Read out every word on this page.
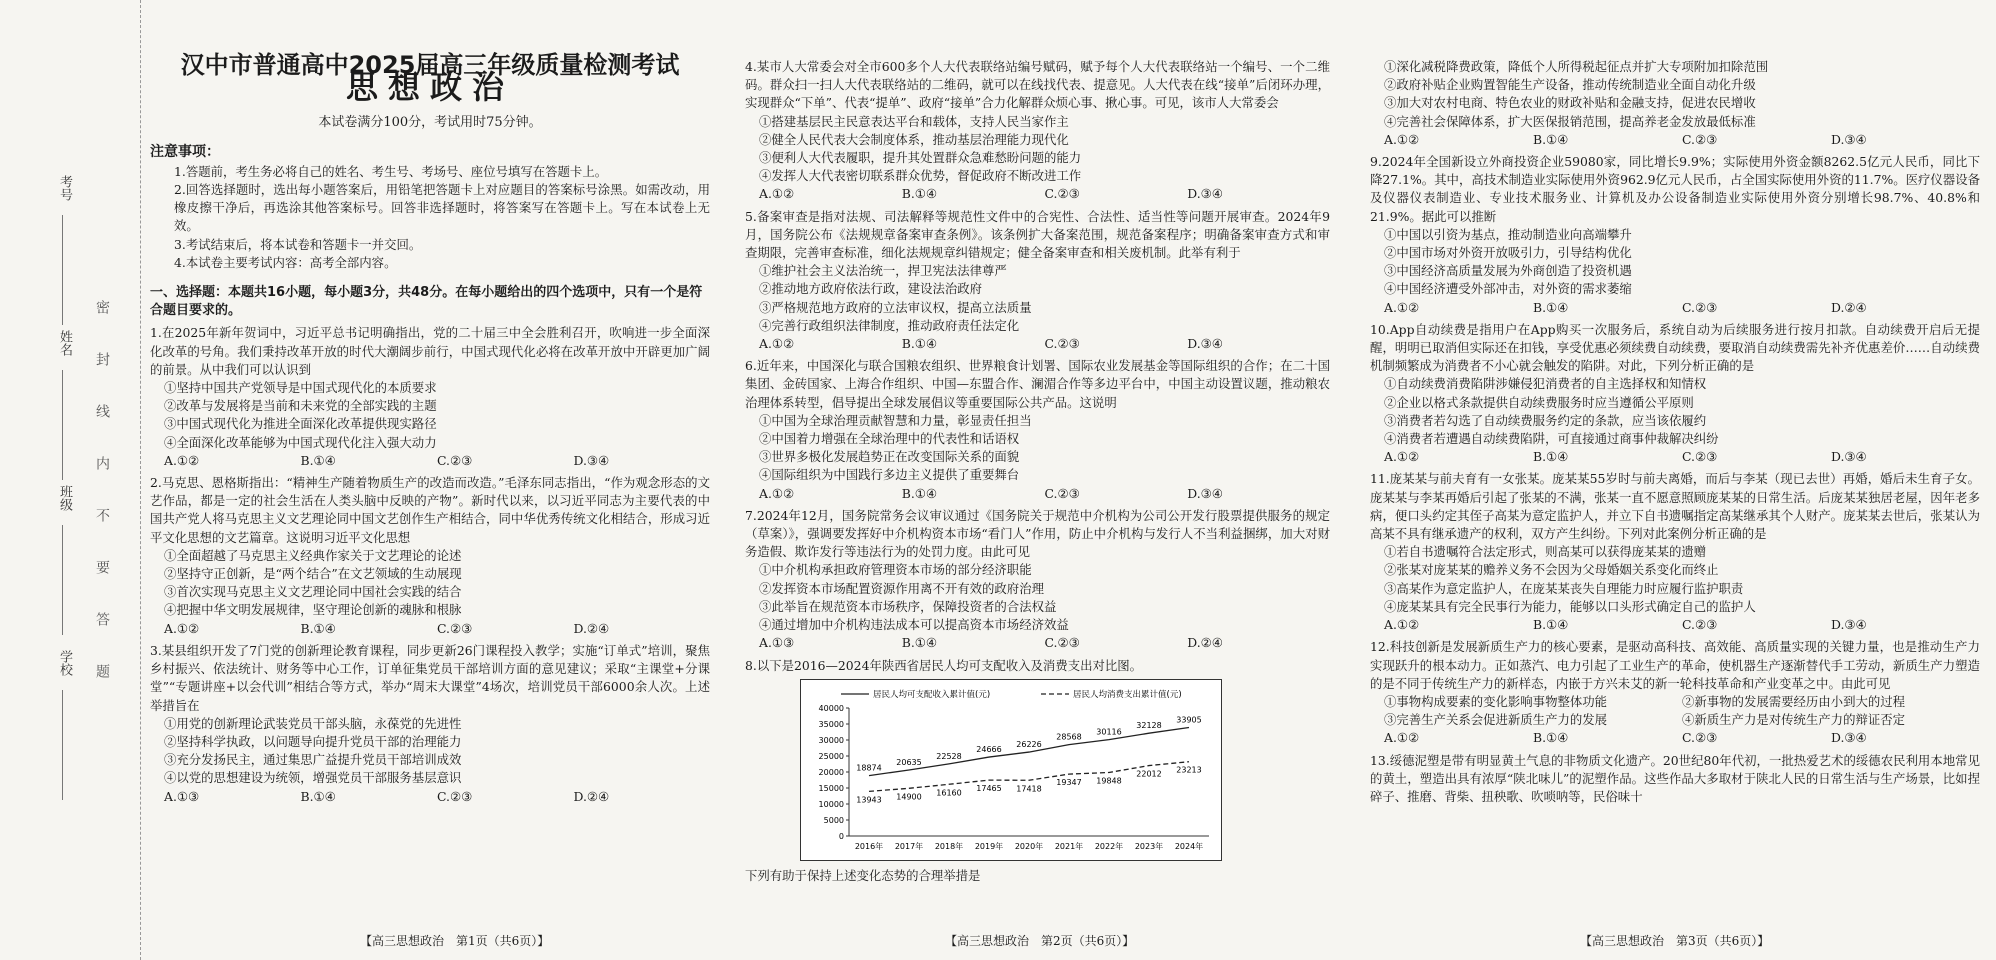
考号
姓名
班级
学校 密封线内不要答题
汉中市普通高中2025届高三年级质量检测考试
思想政治
本试卷满分100分，考试用时75分钟。
注意事项：

1.答题前，考生务必将自己的姓名、考生号、考场号、座位号填写在答题卡上。

2.回答选择题时，选出每小题答案后，用铅笔把答题卡上对应题目的答案标号涂黑。如需改动，用橡皮擦干净后，再选涂其他答案标号。回答非选择题时，将答案写在答题卡上。写在本试卷上无效。

3.考试结束后，将本试卷和答题卡一并交回。

4.本试卷主要考试内容：高考全部内容。

一、选择题：本题共16小题，每小题3分，共48分。在每小题给出的四个选项中，只有一个是符合题目要求的。

1.在2025年新年贺词中，习近平总书记明确指出，党的二十届三中全会胜利召开，吹响进一步全面深化改革的号角。我们秉持改革开放的时代大潮阔步前行，中国式现代化必将在改革开放中开辟更加广阔的前景。从中我们可以认识到

①坚持中国共产党领导是中国式现代化的本质要求

②改革与发展将是当前和未来党的全部实践的主题

③中国式现代化为推进全面深化改革提供现实路径

④全面深化改革能够为中国式现代化注入强大动力

A.①②	B.①④	C.②③	D.③④

2.马克思、恩格斯指出：“精神生产随着物质生产的改造而改造。”毛泽东同志指出，“作为观念形态的文艺作品，都是一定的社会生活在人类头脑中反映的产物”。新时代以来，以习近平同志为主要代表的中国共产党人将马克思主义文艺理论同中国文艺创作生产相结合，同中华优秀传统文化相结合，形成习近平文化思想的文艺篇章。这说明习近平文化思想

①全面超越了马克思主义经典作家关于文艺理论的论述

②坚持守正创新，是“两个结合”在文艺领域的生动展现

③首次实现马克思主义文艺理论同中国社会实践的结合

④把握中华文明发展规律，坚守理论创新的魂脉和根脉

A.①②	B.①④	C.②③	D.②④

3.某县组织开发了7门党的创新理论教育课程，同步更新26门课程投入教学；实施“订单式”培训，聚焦乡村振兴、依法统计、财务等中心工作，订单征集党员干部培训方面的意见建议；采取“主课堂+分课堂”“专题讲座+以会代训”相结合等方式，举办“周末大课堂”4场次，培训党员干部6000余人次。上述举措旨在

①用党的创新理论武装党员干部头脑，永葆党的先进性

②坚持科学执政，以问题导向提升党员干部的治理能力

③充分发扬民主，通过集思广益提升党员干部培训成效

④以党的思想建设为统领，增强党员干部服务基层意识

A.①③	B.①④	C.②③	D.②④

4.某市人大常委会对全市600多个人大代表联络站编号赋码，赋予每个人大代表联络站一个编号、一个二维码。群众扫一扫人大代表联络站的二维码，就可以在线找代表、提意见。人大代表在线“接单”后闭环办理，实现群众“下单”、代表“提单”、政府“接单”合力化解群众烦心事、揪心事。可见，该市人大常委会

①搭建基层民主民意表达平台和载体，支持人民当家作主

②健全人民代表大会制度体系，推动基层治理能力现代化

③便利人大代表履职，提升其处置群众急难愁盼问题的能力

④发挥人大代表密切联系群众优势，督促政府不断改进工作

A.①②	B.①④	C.②③	D.③④

5.备案审查是指对法规、司法解释等规范性文件中的合宪性、合法性、适当性等问题开展审查。2024年9月，国务院公布《法规规章备案审查条例》。该条例扩大备案范围，规范备案程序；明确备案审查方式和审查期限，完善审查标准，细化法规规章纠错规定；健全备案审查和相关废机制。此举有利于

①维护社会主义法治统一，捍卫宪法法律尊严

②推动地方政府依法行政，建设法治政府

③严格规范地方政府的立法审议权，提高立法质量

④完善行政组织法律制度，推动政府责任法定化

A.①②	B.①④	C.②③	D.③④

6.近年来，中国深化与联合国粮农组织、世界粮食计划署、国际农业发展基金等国际组织的合作；在二十国集团、金砖国家、上海合作组织、中国—东盟合作、澜湄合作等多边平台中，中国主动设置议题，推动粮农治理体系转型，倡导提出全球发展倡议等重要国际公共产品。这说明

①中国为全球治理贡献智慧和力量，彰显责任担当

②中国着力增强在全球治理中的代表性和话语权

③世界多极化发展趋势正在改变国际关系的面貌

④国际组织为中国践行多边主义提供了重要舞台

A.①②	B.①④	C.②③	D.③④

7.2024年12月，国务院常务会议审议通过《国务院关于规范中介机构为公司公开发行股票提供服务的规定（草案）》，强调要发挥好中介机构资本市场“看门人”作用，防止中介机构与发行人不当利益捆绑，加大对财务造假、欺诈发行等违法行为的处罚力度。由此可见

①中介机构承担政府管理资本市场的部分经济职能

②发挥资本市场配置资源作用离不开有效的政府治理

③此举旨在规范资本市场秩序，保障投资者的合法权益

④通过增加中介机构违法成本可以提高资本市场经济效益

A.①③	B.①④	C.②③	D.②④

8.以下是2016—2024年陕西省居民人均可支配收入及消费支出对比图。

0
5000
10000
15000
20000
25000
30000
35000
40000
2016年 2017年 2018年 2019年 2020年 2021年 2022年 2023年 2024年
18874
20635
22528
24666
26226
28568
30116
32128
33905
居民人均可支配收入累计值(元)
13943 14900 16160 17465 17418
19347 19848
22012 23213
居民人均消费支出累计值(元)

下列有助于保持上述变化态势的合理举措是

①深化减税降费政策，降低个人所得税起征点并扩大专项附加扣除范围

②政府补贴企业购置智能生产设备，推动传统制造业全面自动化升级

③加大对农村电商、特色农业的财政补贴和金融支持，促进农民增收

④完善社会保障体系，扩大医保报销范围，提高养老金发放最低标准

A.①②	B.①④	C.②③	D.③④

9.2024年全国新设立外商投资企业59080家，同比增长9.9%；实际使用外资金额8262.5亿元人民币，同比下降27.1%。其中，高技术制造业实际使用外资962.9亿元人民币，占全国实际使用外资的11.7%。医疗仪器设备及仪器仪表制造业、专业技术服务业、计算机及办公设备制造业实际使用外资分别增长98.7%、40.8%和21.9%。据此可以推断

①中国以引资为基点，推动制造业向高端攀升

②中国市场对外资开放吸引力，引导结构优化

③中国经济高质量发展为外商创造了投资机遇

④中国经济遭受外部冲击，对外资的需求萎缩

A.①②	B.①④	C.②③	D.②④

10.App自动续费是指用户在App购买一次服务后，系统自动为后续服务进行按月扣款。自动续费开启后无提醒，明明已取消但实际还在扣钱，享受优惠必须续费自动续费，要取消自动续费需先补齐优惠差价……自动续费机制频繁成为消费者不小心就会触发的陷阱。对此，下列分析正确的是

①自动续费消费陷阱涉嫌侵犯消费者的自主选择权和知情权

②企业以格式条款提供自动续费服务时应当遵循公平原则

③消费者若勾选了自动续费服务约定的条款，应当该依履约

④消费者若遭遇自动续费陷阱，可直接通过商事仲裁解决纠纷

A.①②	B.①④	C.②③	D.③④

11.庞某某与前夫育有一女张某。庞某某55岁时与前夫离婚，而后与李某（现已去世）再婚，婚后未生育子女。庞某某与李某再婚后引起了张某的不满，张某一直不愿意照顾庞某某的日常生活。后庞某某独居老屋，因年老多病，便口头约定其侄子高某为意定监护人，并立下自书遗嘱指定高某继承其个人财产。庞某某去世后，张某认为高某不具有继承遗产的权利，双方产生纠纷。下列对此案例分析正确的是

①若自书遗嘱符合法定形式，则高某可以获得庞某某的遗赠

②张某对庞某某的赡养义务不会因为父母婚姻关系变化而终止

③高某作为意定监护人，在庞某某丧失自理能力时应履行监护职责

④庞某某具有完全民事行为能力，能够以口头形式确定自己的监护人

A.①②	B.①④	C.②③	D.③④

12.科技创新是发展新质生产力的核心要素，是驱动高科技、高效能、高质量实现的关键力量，也是推动生产力实现跃升的根本动力。正如蒸汽、电力引起了工业生产的革命，使机器生产逐渐替代手工劳动，新质生产力塑造的是不同于传统生产力的新样态，内嵌于方兴未艾的新一轮科技革命和产业变革之中。由此可见

①事物构成要素的变化影响事物整体功能	②新事物的发展需要经历由小到大的过程
③完善生产关系会促进新质生产力的发展	④新质生产力是对传统生产力的辩证否定
A.①②	B.①④	C.②③	D.③④

13.绥德泥塑是带有明显黄土气息的非物质文化遗产。20世纪80年代初，一批热爱艺术的绥德农民利用本地常见的黄土，塑造出具有浓厚“陕北味儿”的泥塑作品。这些作品大多取材于陕北人民的日常生活与生产场景，比如捏碎子、推磨、背柴、扭秧歌、吹唢呐等，民俗味十

【高三思想政治　第1页（共6页）】	【高三思想政治　第2页（共6页）】	【高三思想政治　第3页（共6页）】
